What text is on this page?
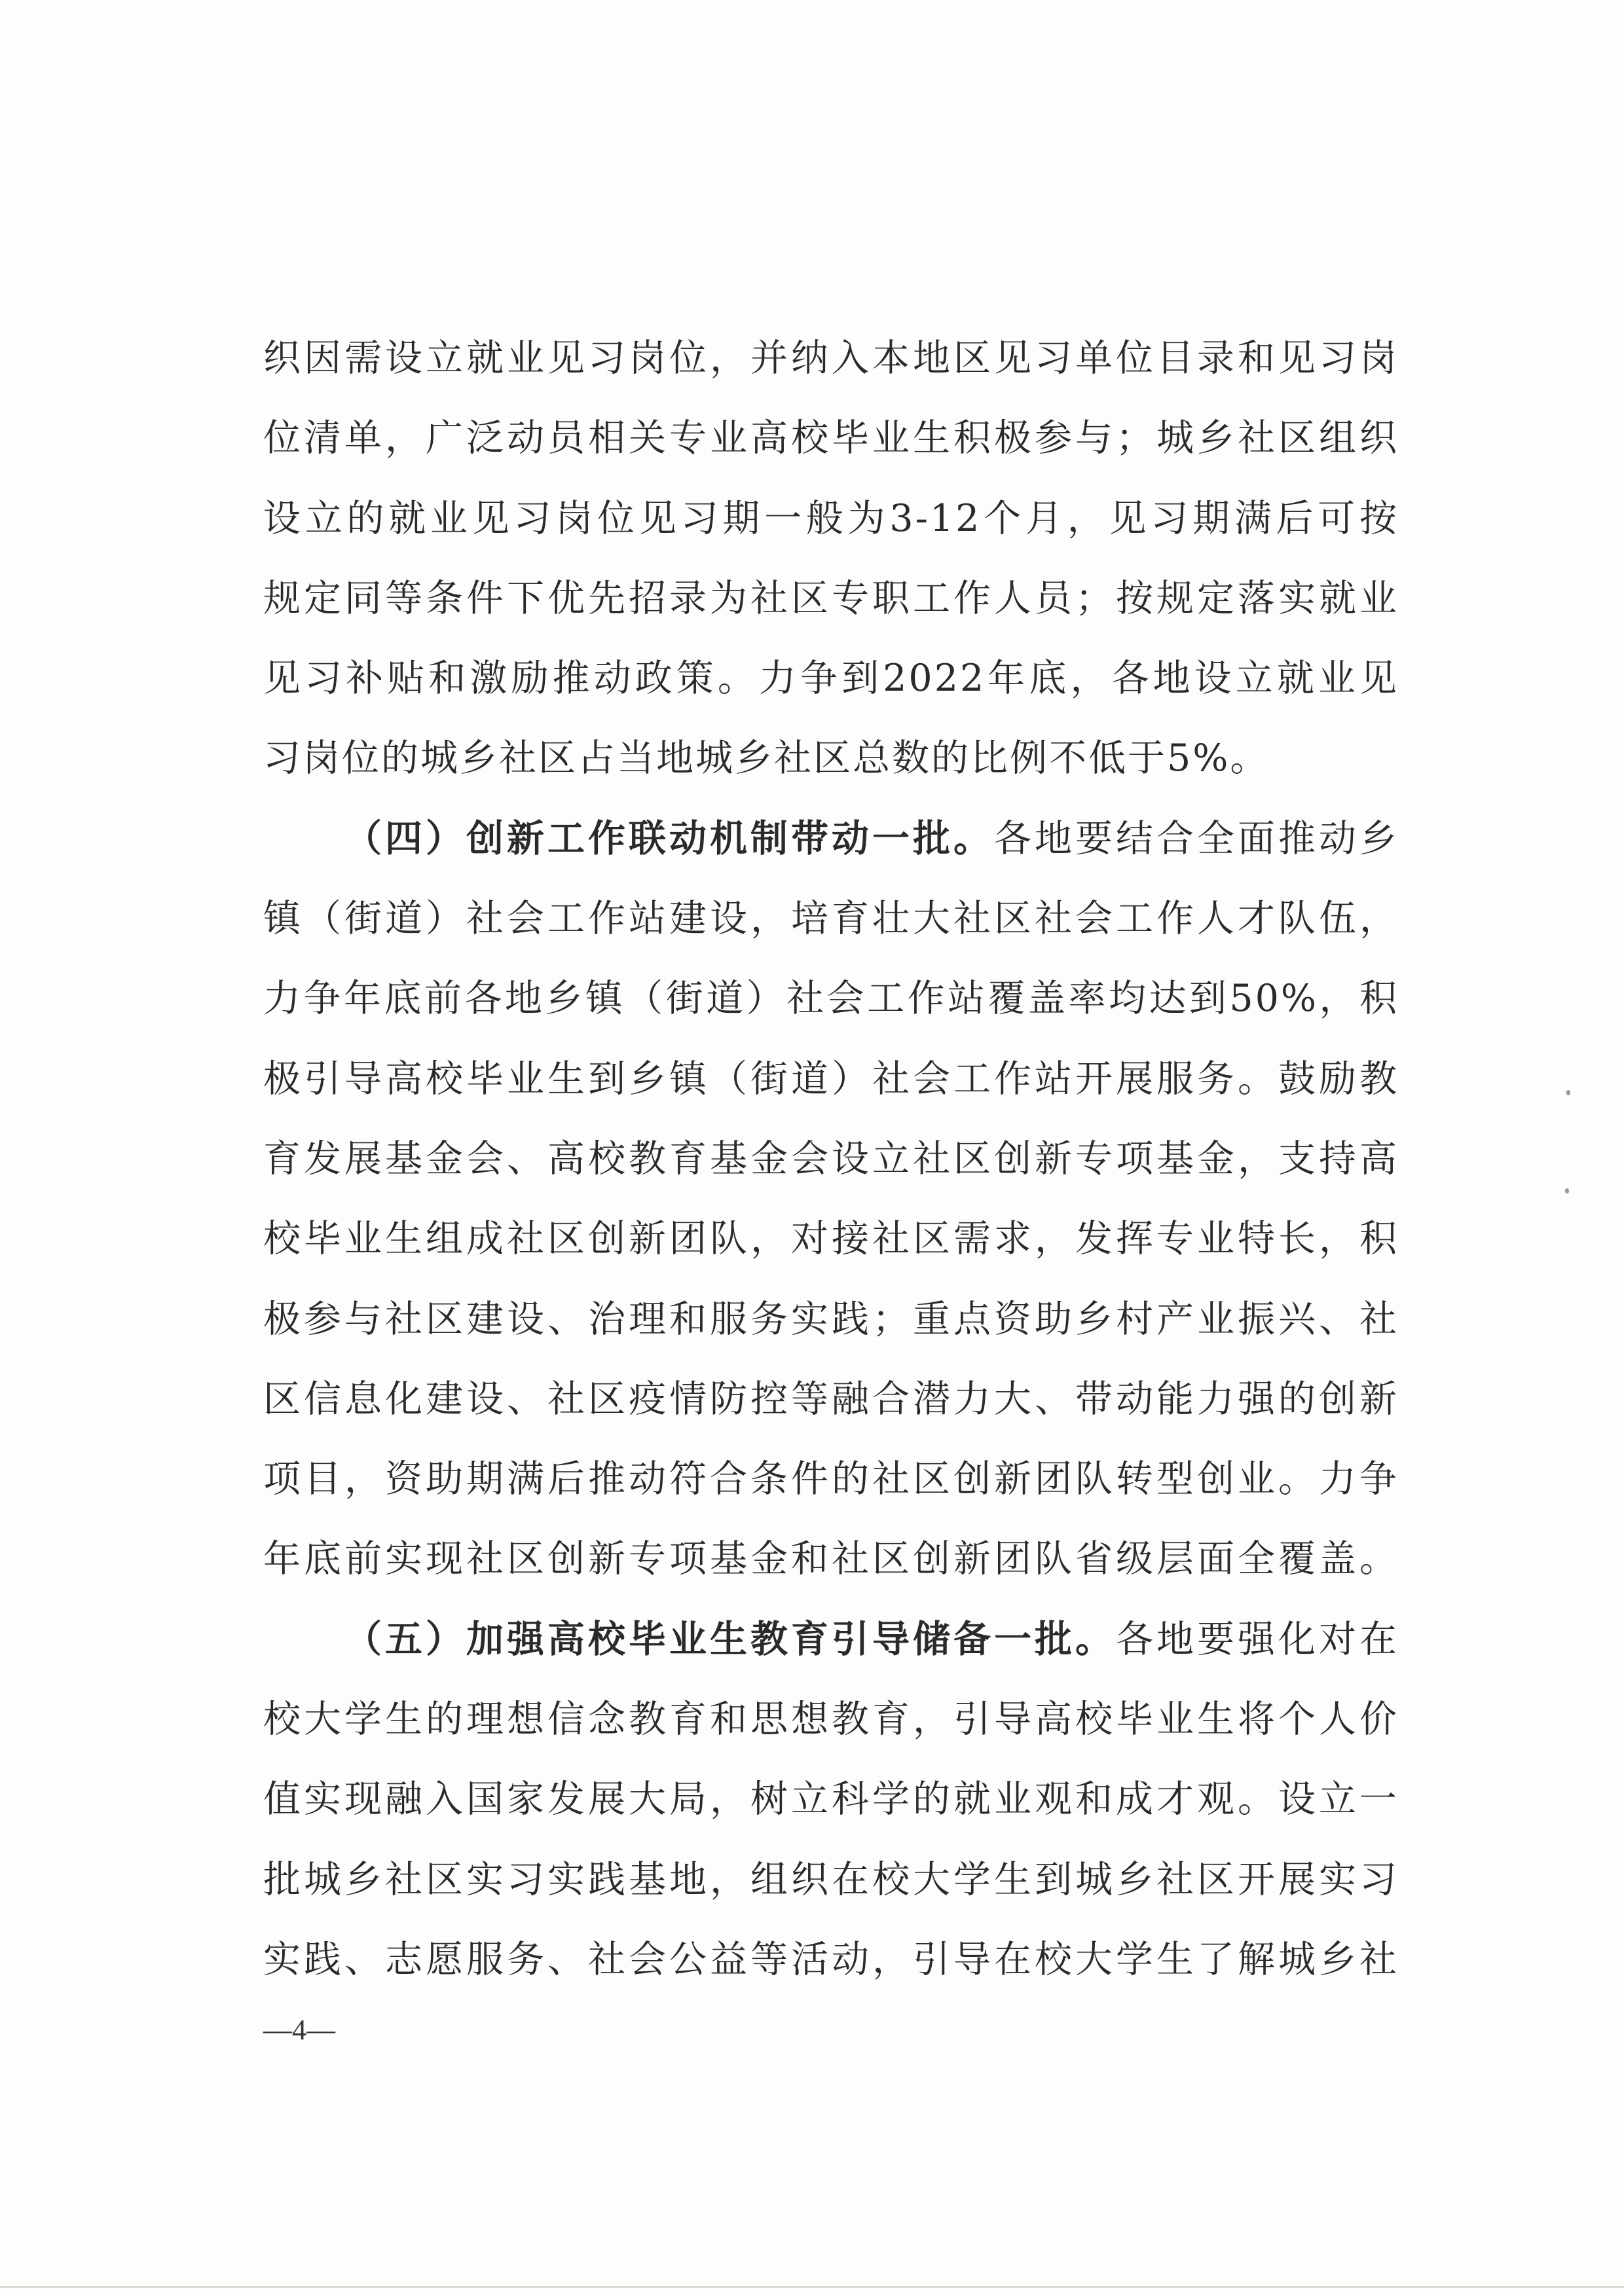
织因需设立就业见习岗位，并纳入本地区见习单位目录和见习岗
位清单，广泛动员相关专业高校毕业生积极参与；城乡社区组织
设立的就业见习岗位见习期一般为3-12个月，见习期满后可按
规定同等条件下优先招录为社区专职工作人员；按规定落实就业
见习补贴和激励推动政策。力争到2022年底，各地设立就业见
习岗位的城乡社区占当地城乡社区总数的比例不低于5%。
（四）创新工作联动机制带动一批。各地要结合全面推动乡
镇（街道）社会工作站建设，培育壮大社区社会工作人才队伍，
力争年底前各地乡镇（街道）社会工作站覆盖率均达到50%，积
极引导高校毕业生到乡镇（街道）社会工作站开展服务。鼓励教
育发展基金会、高校教育基金会设立社区创新专项基金，支持高
校毕业生组成社区创新团队，对接社区需求，发挥专业特长，积
极参与社区建设、治理和服务实践；重点资助乡村产业振兴、社
区信息化建设、社区疫情防控等融合潜力大、带动能力强的创新
项目，资助期满后推动符合条件的社区创新团队转型创业。力争
年底前实现社区创新专项基金和社区创新团队省级层面全覆盖。
（五）加强高校毕业生教育引导储备一批。各地要强化对在
校大学生的理想信念教育和思想教育，引导高校毕业生将个人价
值实现融入国家发展大局，树立科学的就业观和成才观。设立一
批城乡社区实习实践基地，组织在校大学生到城乡社区开展实习
实践、志愿服务、社会公益等活动，引导在校大学生了解城乡社
—4—
